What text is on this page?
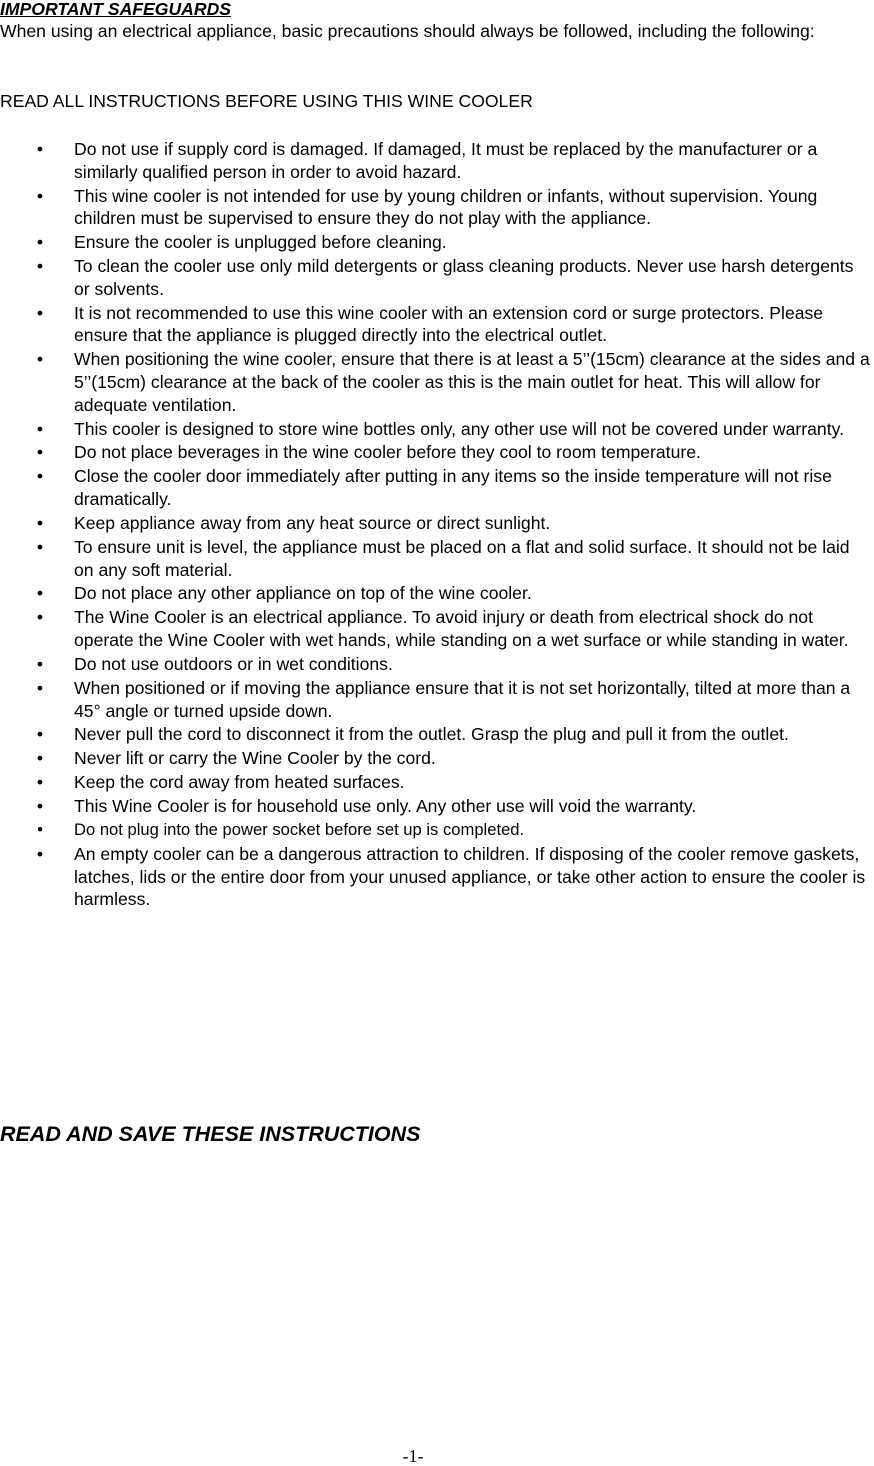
IMPORTANT SAFEGUARDS

When using an electrical appliance, basic precautions should always be followed, including the following:

READ ALL INSTRUCTIONS BEFORE USING THIS WINE COOLER
• Do not use if supply cord is damaged. If damaged, It must be replaced by the manufacturer or a similarly qualified person in order to avoid hazard.
• This wine cooler is not intended for use by young children or infants, without supervision. Young children must be supervised to ensure they do not play with the appliance.
• Ensure the cooler is unplugged before cleaning.
• To clean the cooler use only mild detergents or glass cleaning products. Never use harsh detergents or solvents.
• It is not recommended to use this wine cooler with an extension cord or surge protectors. Please ensure that the appliance is plugged directly into the electrical outlet.
• When positioning the wine cooler, ensure that there is at least a 5’’(15cm) clearance at the sides and a 5’’(15cm) clearance at the back of the cooler as this is the main outlet for heat. This will allow for adequate ventilation.
• This cooler is designed to store wine bottles only, any other use will not be covered under warranty.
• Do not place beverages in the wine cooler before they cool to room temperature.
• Close the cooler door immediately after putting in any items so the inside temperature will not rise dramatically.
• Keep appliance away from any heat source or direct sunlight.
• To ensure unit is level, the appliance must be placed on a flat and solid surface. It should not be laid on any soft material.
• Do not place any other appliance on top of the wine cooler.
• The Wine Cooler is an electrical appliance. To avoid injury or death from electrical shock do not operate the Wine Cooler with wet hands, while standing on a wet surface or while standing in water.
• Do not use outdoors or in wet conditions.
• When positioned or if moving the appliance ensure that it is not set horizontally, tilted at more than a 45° angle or turned upside down.
• Never pull the cord to disconnect it from the outlet. Grasp the plug and pull it from the outlet.
• Never lift or carry the Wine Cooler by the cord.
• Keep the cord away from heated surfaces.
• This Wine Cooler is for household use only. Any other use will void the warranty.
• Do not plug into the power socket before set up is completed.
• An empty cooler can be a dangerous attraction to children. If disposing of the cooler remove gaskets, latches, lids or the entire door from your unused appliance, or take other action to ensure the cooler is harmless.
READ AND SAVE THESE INSTRUCTIONS
-1-
